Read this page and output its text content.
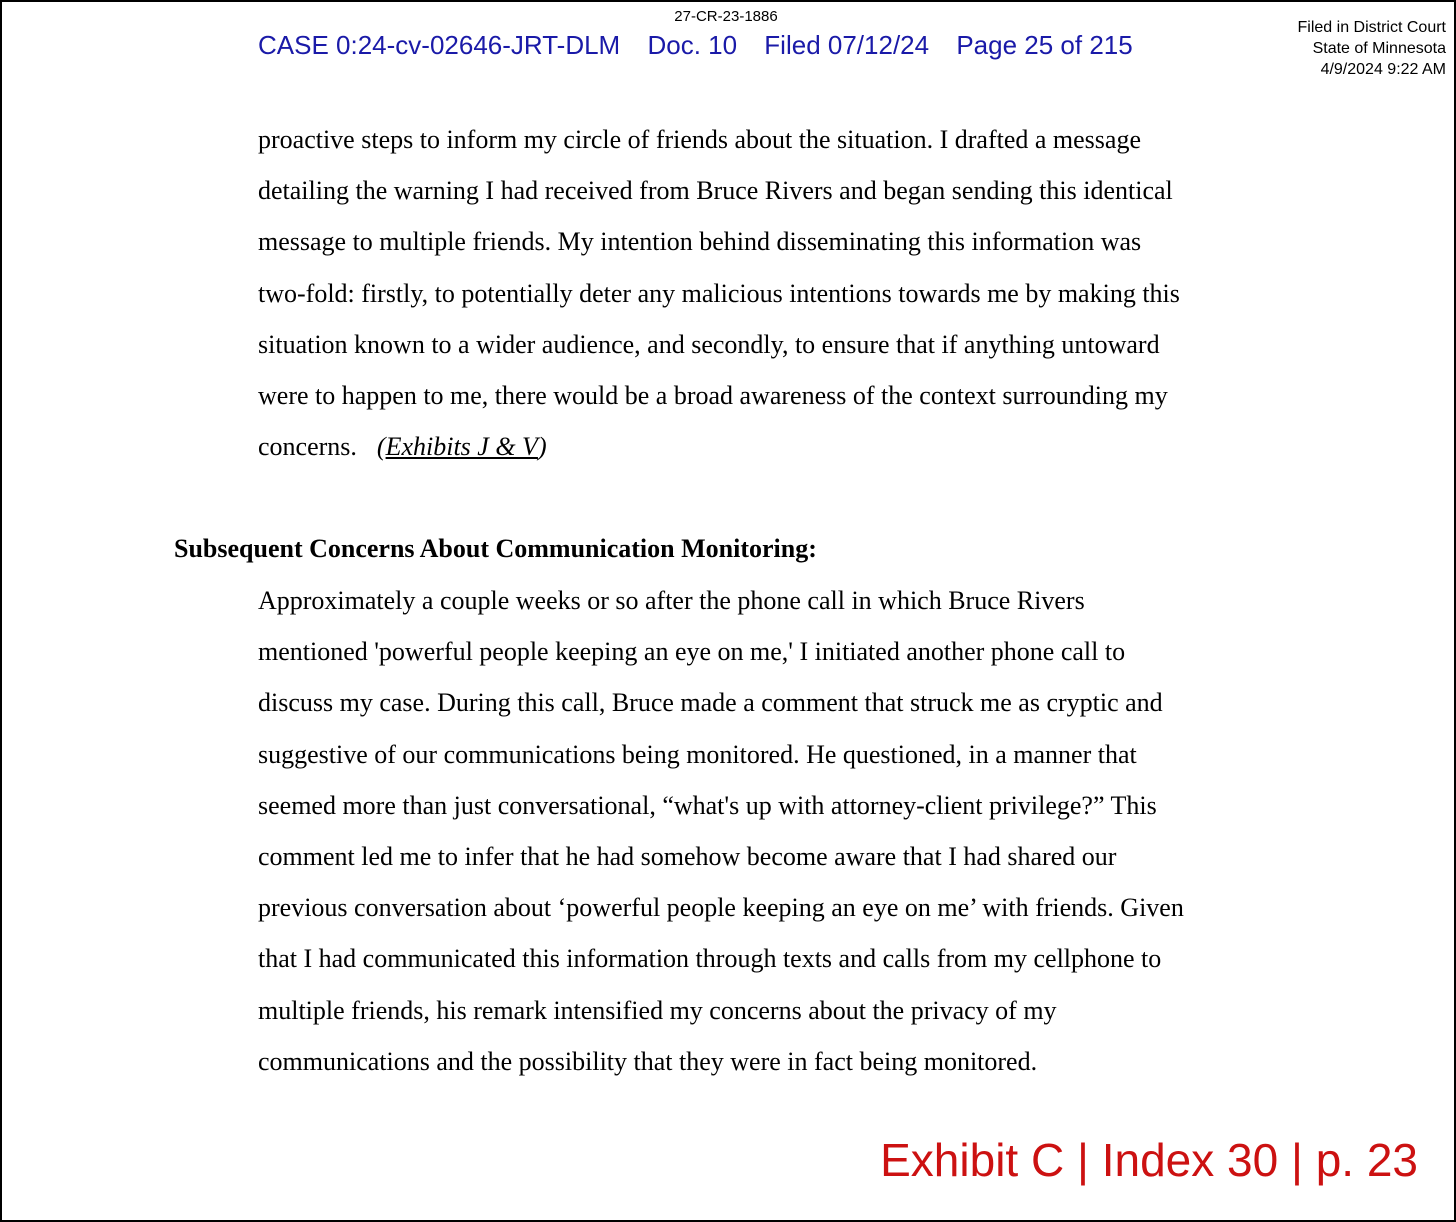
27-CR-23-1886
CASE 0:24-cv-02646-JRT-DLM Doc. 10 Filed 07/12/24 Page 25 of 215
Filed in District Court
State of Minnesota
4/9/2024 9:22 AM
proactive steps to inform my circle of friends about the situation. I drafted a message
detailing the warning I had received from Bruce Rivers and began sending this identical
message to multiple friends. My intention behind disseminating this information was
two-fold: firstly, to potentially deter any malicious intentions towards me by making this
situation known to a wider audience, and secondly, to ensure that if anything untoward
were to happen to me, there would be a broad awareness of the context surrounding my
concerns. (Exhibits J & V)
Subsequent Concerns About Communication Monitoring:
Approximately a couple weeks or so after the phone call in which Bruce Rivers
mentioned 'powerful people keeping an eye on me,' I initiated another phone call to
discuss my case. During this call, Bruce made a comment that struck me as cryptic and
suggestive of our communications being monitored. He questioned, in a manner that
seemed more than just conversational, “what's up with attorney-client privilege?” This
comment led me to infer that he had somehow become aware that I had shared our
previous conversation about ‘powerful people keeping an eye on me’ with friends. Given
that I had communicated this information through texts and calls from my cellphone to
multiple friends, his remark intensified my concerns about the privacy of my
communications and the possibility that they were in fact being monitored.
Exhibit C | Index 30 | p. 23
